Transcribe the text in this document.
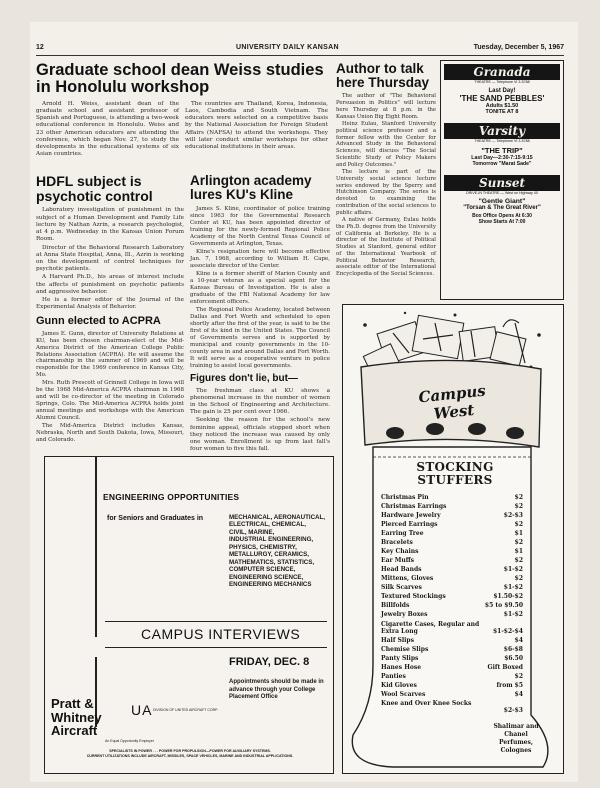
12	UNIVERSITY DAILY KANSAN	Tuesday, December 5, 1967
Graduate school dean Weiss studies in Honolulu workshop

Arnold H. Weiss, assistant dean of the graduate school and assistant professor of Spanish and Portuguese, is attending a two-week educational conference in Honolulu. Weiss and 23 other American educators are attending the conference, which began Nov. 27, to study the developments in the educational systems of six Asian countries.

The countries are Thailand, Korea, Indonesia, Laos, Cambodia and South Vietnam. The educators were selected on a competitive basis by the National Association for Foreign Student Affairs (NAFSA) to attend the workshops. They will later conduct similar workshops for other educational institutions in their areas.

Author to talk here Thursday

The author of "The Behavioral Persuasion in Politics" will lecture here Thursday at 8 p.m. in the Kansas Union Big Eight Room.

Heinz Eulau, Stanford University political science professor and a former fellow with the Center for Advanced Study in the Behavioral Sciences, will discuss "The Social Scientific Study of Policy Makers and Policy Outcomes."

The lecture is part of the University social science lecture series endowed by the Sperry and Hutchinson Company. The series is devoted to examining the contribution of the social sciences to public affairs.

A native of Germany, Eulau holds the Ph.D. degree from the University of California at Berkeley. He is a director of the Institute of Political Studies at Stanford, general editor of the International Yearbook of Political Behavior Research, associate editor of the International Encyclopedia of the Social Sciences.

Granada
THEATRE — Telephone VI 3-5788
Last Day!
'THE SAND PEBBLES'
Adults $1.50
TONITE AT 8
Varsity
THEATRE — Telephone VI 3-5788
"THE TRIP"
Last Day—2:30-7:15-9:15
Tomorrow "Marat Sade"
Sunset
DRIVE-IN THEATRE — West on Highway 40
"Gentle Giant"
"Torsan & The Great River"
Box Office Opens At 6:30
Show Starts At 7:00
HDFL subject is psychotic control

Laboratory investigation of punishment in the subject of a Human Development and Family Life lecture by Nathan Azrin, a research psychologist, at 4 p.m. Wednesday in the Kansas Union Forum Room.

Director of the Behavioral Research Laboratory at Anna State Hospital, Anna, Ill., Azrin is working on the development of control techniques for psychotic patients.

A Harvard Ph.D., his areas of interest include the affects of punishment on psychotic patients and aggressive behavior.

He is a former editor of the Journal of the Experimental Analysis of Behavior.

Arlington academy lures KU's Kline

James S. Kline, coordinator of police training since 1963 for the Governmental Research Center at KU, has been appointed director of training for the newly-formed Regional Police Academy of the North Central Texas Council of Governments at Arlington, Texas.

Kline's resignation here will become effective Jan. 7, 1968, according to William H. Cape, associate director of the Center.

Kline is a former sheriff of Marion County and a 10-year veteran as a special agent for the Kansas Bureau of Investigation. He is also a graduate of the FBI National Academy for law enforcement officers.

The Regional Police Academy, located between Dallas and Fort Worth and scheduled to open shortly after the first of the year, is said to be the first of its kind in the United States. The Council of Governments serves and is supported by municipal and county governments in the 10-county area in and around Dallas and Fort Worth. It will serve as a cooperative venture in police training to assist local governments.

Gunn elected to ACPRA

James E. Gunn, director of University Relations at KU, has been chosen chairman-elect of the Mid-America District of the American College Public Relations Association (ACPRA). He will assume the chairmanship in the summer of 1969 and will be responsible for the 1969 conference in Kansas City, Mo.

Mrs. Ruth Prescott of Grinnell College in Iowa will be the 1968 Mid-America ACPRA chairman in 1968 and will be co-director of the meeting in Colorado Springs, Colo. The Mid-America ACPRA holds joint annual meetings and workshops with the American Alumni Council.

The Mid-America District includes Kansas, Nebraska, North and South Dakota, Iowa, Missouri, and Colorado.

Figures don't lie, but—

The freshman class at KU shows a phenomenal increase in the number of women in the School of Engineering and Architecture. The gain is 25 per cent over 1966.

Seeking the reason for the school's new feminine appeal, officials stopped short when they noticed the increase was caused by only one woman. Enrollment is up from last fall's four women to five this fall.

ENGINEERING OPPORTUNITIES
for Seniors and Graduates in	MECHANICAL, AERONAUTICAL,
ELECTRICAL, CHEMICAL,
CIVIL, MARINE,
INDUSTRIAL ENGINEERING,
PHYSICS, CHEMISTRY,
METALLURGY, CERAMICS,
MATHEMATICS, STATISTICS,
COMPUTER SCIENCE,
ENGINEERING SCIENCE,
ENGINEERING MECHANICS
CAMPUS INTERVIEWS
FRIDAY, DEC. 8
Appointments should be made in advance through your College Placement Office
Pratt & Whitney Aircraft
UA DIVISION OF UNITED AIRCRAFT CORP.
An Equal Opportunity Employer
SPECIALISTS IN POWER . . . POWER FOR PROPULSION—POWER FOR AUXILIARY SYSTEMS.
CURRENT UTILIZATIONS INCLUDE AIRCRAFT, MISSILES, SPACE VEHICLES, MARINE AND INDUSTRIAL APPLICATIONS.
Campus West
STOCKING STUFFERS
Christmas Pin	$2
Christmas Earrings	$2
Hardware Jewelry	$2-$3
Pierced Earrings	$2
Earring Tree	$1
Bracelets	$2
Key Chains	$1
Ear Muffs	$2
Head Bands	$1-$2
Mittens, Gloves	$2
Silk Scarves	$1-$2
Textured Stockings	$1.50-$2
Billfolds	$5 to $9.50
Jewelry Boxes	$1-$2
Cigarette Cases, Regular and Extra Long	$1-$2-$4
Half Slips	$4
Chemise Slips	$6-$8
Panty Slips	$6.50
Hanes Hose	Gift Boxed
Panties	$2
Kid Gloves	from $5
Wool Scarves	$4
Knee and Over Knee Socks
$2-$3
Shalimar and Chanel
Perfumes,
Colognes
